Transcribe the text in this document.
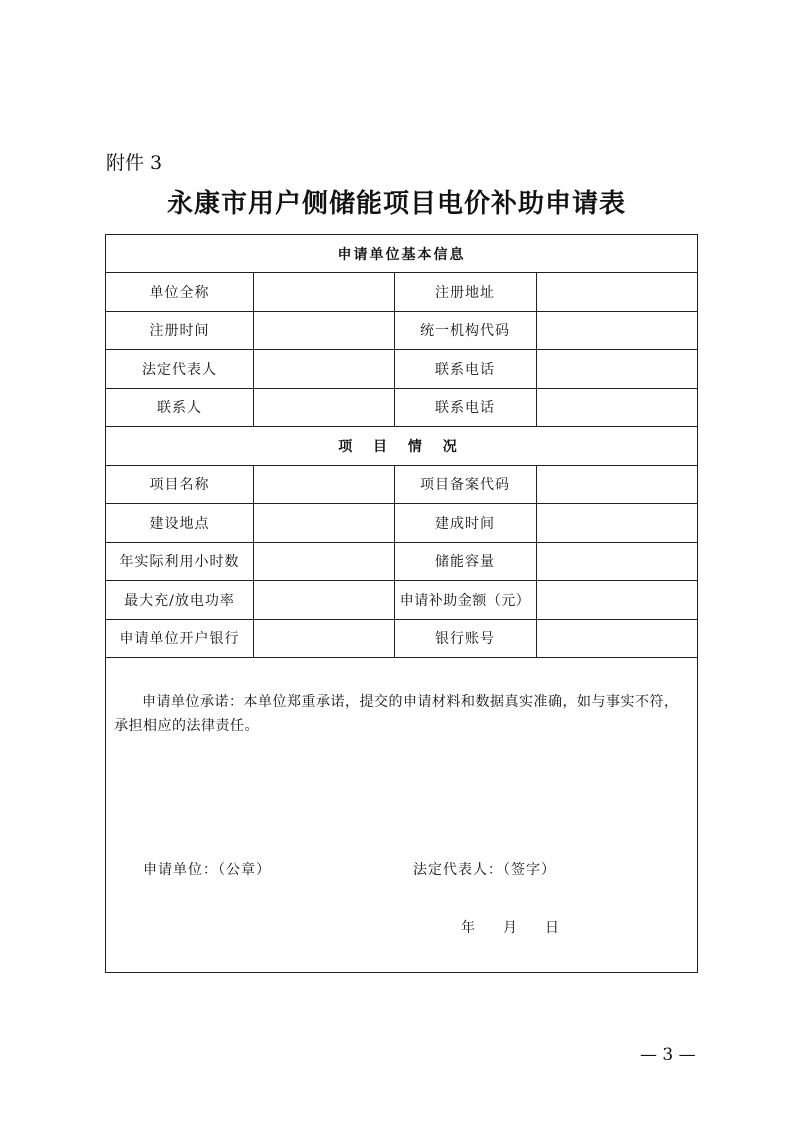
附件 3
永康市用户侧储能项目电价补助申请表
申请单位基本信息
单位全称	注册地址
注册时间	统一机构代码
法定代表人	联系电话
联系人	联系电话
项 目 情 况
项目名称	项目备案代码
建设地点	建成时间
年实际利用小时数	储能容量
最大充/放电功率	申请补助金额（元）
申请单位开户银行	银行账号
申请单位承诺：本单位郑重承诺，提交的申请材料和数据真实准确，如与事实不符，承担相应的法律责任。
申请单位：（公章）	法定代表人：（签字）
年　　月　　日
— 3 —
